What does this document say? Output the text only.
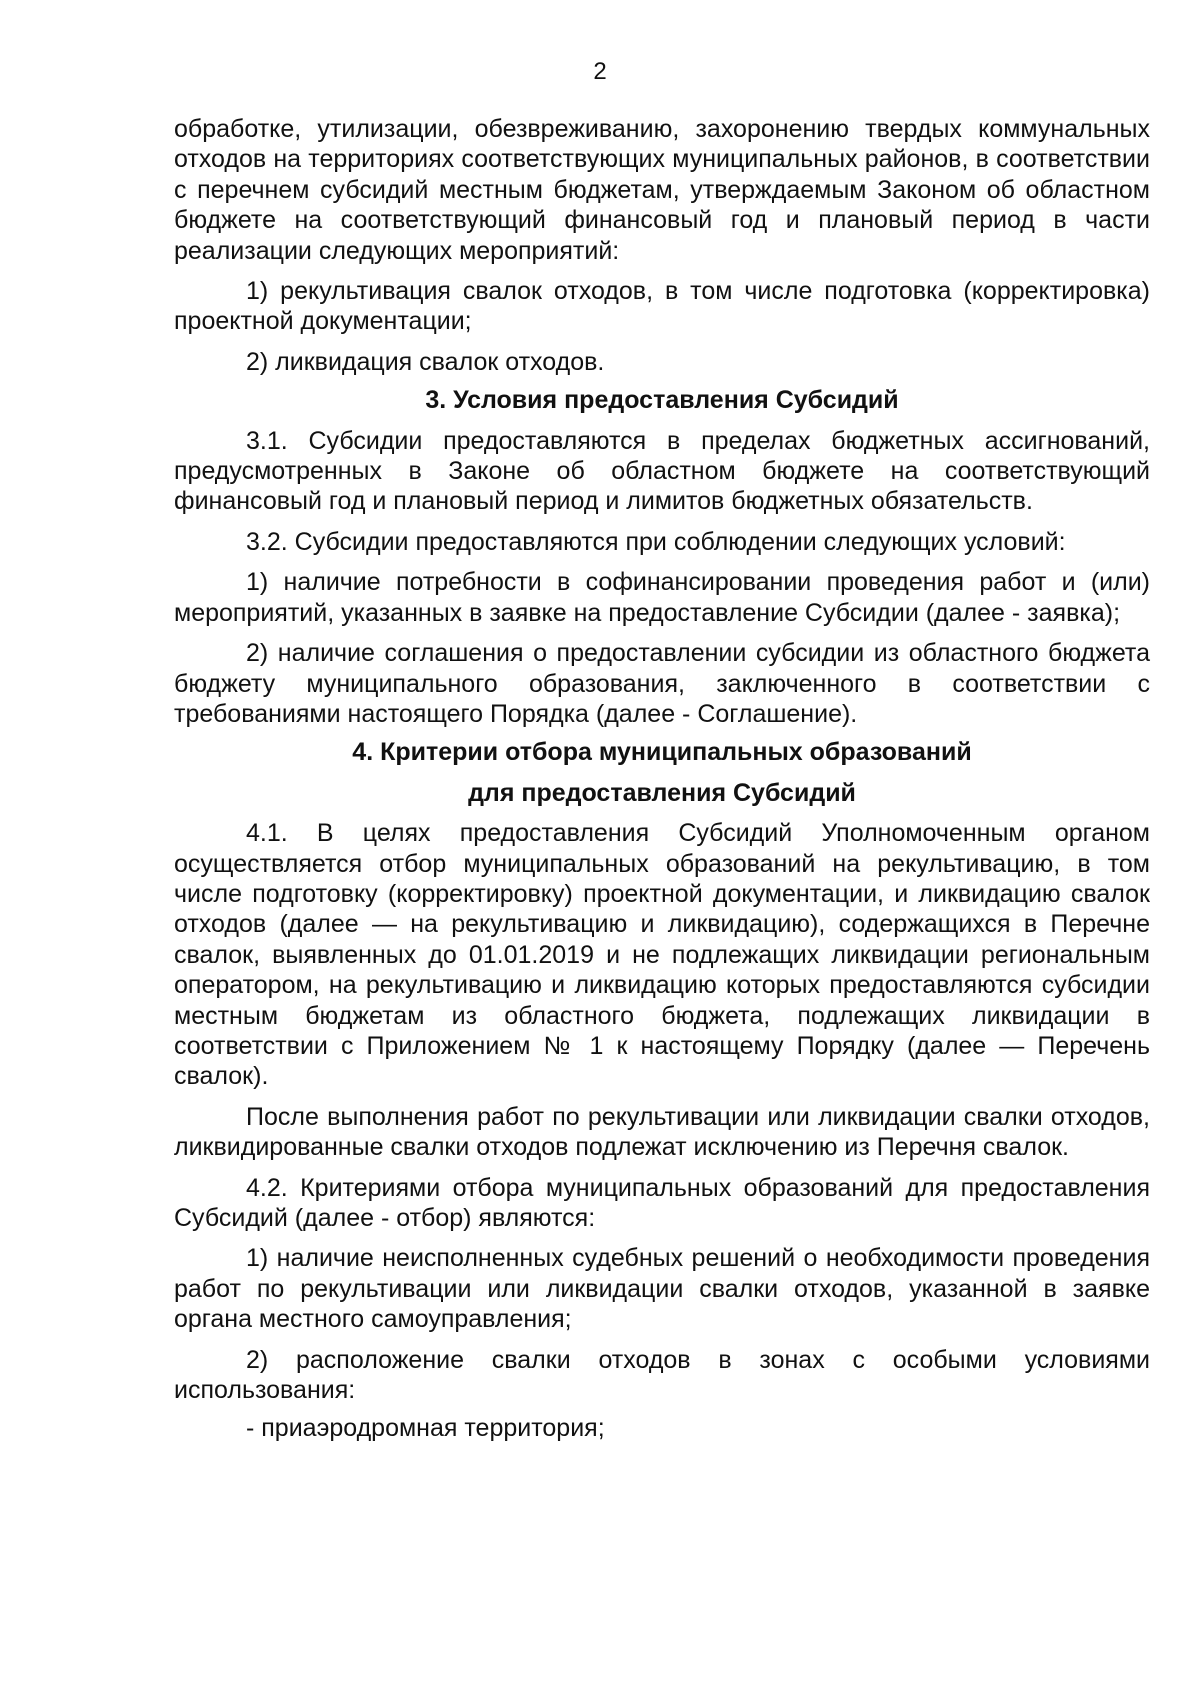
2

обработке, утилизации, обезвреживанию, захоронению твердых коммунальных отходов на территориях соответствующих муниципальных районов, в соответствии с перечнем субсидий местным бюджетам, утверждаемым Законом об областном бюджете на соответствующий финансовый год и плановый период в части реализации следующих мероприятий:

1) рекультивация свалок отходов, в том числе подготовка (корректировка) проектной документации;

2) ликвидация свалок отходов.

3. Условия предоставления Субсидий

3.1. Субсидии предоставляются в пределах бюджетных ассигнований, предусмотренных в Законе об областном бюджете на соответствующий финансовый год и плановый период и лимитов бюджетных обязательств.

3.2. Субсидии предоставляются при соблюдении следующих условий:

1) наличие потребности в софинансировании проведения работ и (или) мероприятий, указанных в заявке на предоставление Субсидии (далее - заявка);

2) наличие соглашения о предоставлении субсидии из областного бюджета бюджету муниципального образования, заключенного в соответствии с требованиями настоящего Порядка (далее - Соглашение).

4. Критерии отбора муниципальных образований
для предоставления Субсидий

4.1. В целях предоставления Субсидий Уполномоченным органом осуществляется отбор муниципальных образований на рекультивацию, в том числе подготовку (корректировку) проектной документации, и ликвидацию свалок отходов (далее — на рекультивацию и ликвидацию), содержащихся в Перечне свалок, выявленных до 01.01.2019 и не подлежащих ликвидации региональным оператором, на рекультивацию и ликвидацию которых предоставляются субсидии местным бюджетам из областного бюджета, подлежащих ликвидации в соответствии с Приложением № 1 к настоящему Порядку (далее — Перечень свалок).

После выполнения работ по рекультивации или ликвидации свалки отходов, ликвидированные свалки отходов подлежат исключению из Перечня свалок.

4.2. Критериями отбора муниципальных образований для предоставления Субсидий (далее - отбор) являются:

1) наличие неисполненных судебных решений о необходимости проведения работ по рекультивации или ликвидации свалки отходов, указанной в заявке органа местного самоуправления;

2) расположение свалки отходов в зонах с особыми условиями использования:

- приаэродромная территория;
